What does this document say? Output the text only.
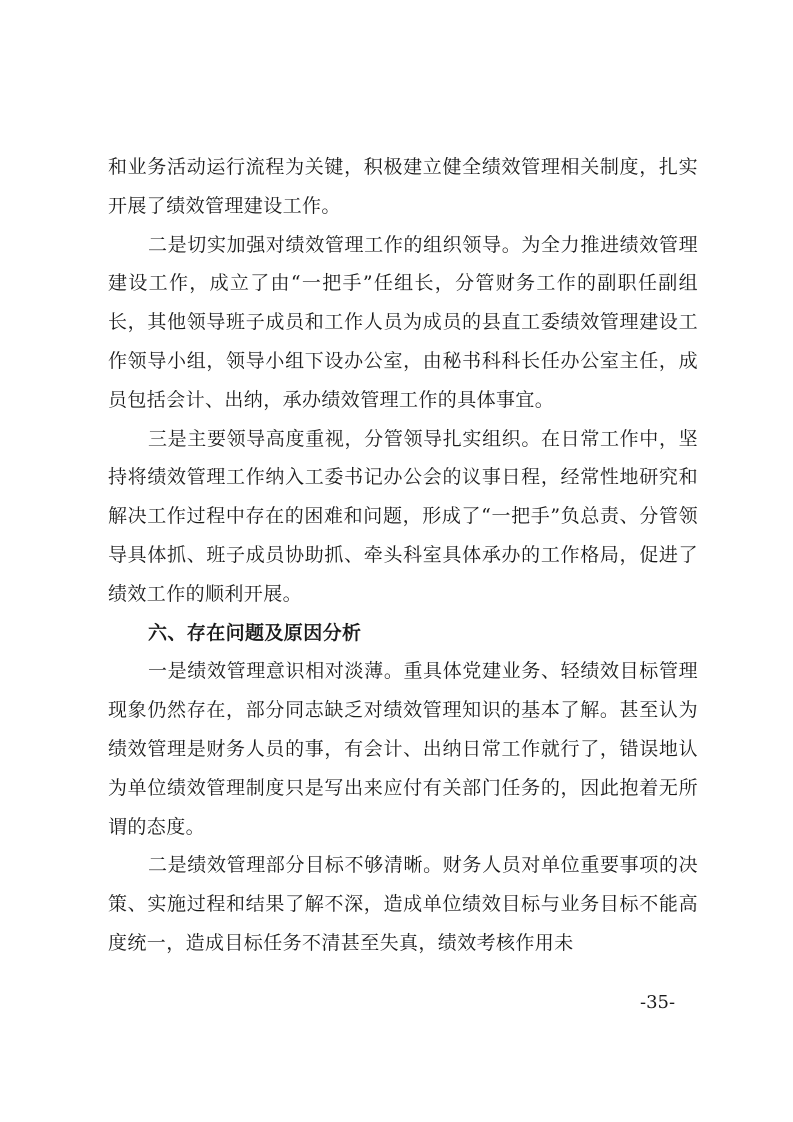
和业务活动运行流程为关键，积极建立健全绩效管理相关制度，扎实开展了绩效管理建设工作。

二是切实加强对绩效管理工作的组织领导。为全力推进绩效管理建设工作，成立了由“一把手”任组长，分管财务工作的副职任副组长，其他领导班子成员和工作人员为成员的县直工委绩效管理建设工作领导小组，领导小组下设办公室，由秘书科科长任办公室主任，成员包括会计、出纳，承办绩效管理工作的具体事宜。

三是主要领导高度重视，分管领导扎实组织。在日常工作中，坚持将绩效管理工作纳入工委书记办公会的议事日程，经常性地研究和解决工作过程中存在的困难和问题，形成了“一把手”负总责、分管领导具体抓、班子成员协助抓、牵头科室具体承办的工作格局，促进了绩效工作的顺利开展。

六、存在问题及原因分析

一是绩效管理意识相对淡薄。重具体党建业务、轻绩效目标管理现象仍然存在，部分同志缺乏对绩效管理知识的基本了解。甚至认为绩效管理是财务人员的事，有会计、出纳日常工作就行了，错误地认为单位绩效管理制度只是写出来应付有关部门任务的，因此抱着无所谓的态度。

二是绩效管理部分目标不够清晰。财务人员对单位重要事项的决策、实施过程和结果了解不深，造成单位绩效目标与业务目标不能高度统一，造成目标任务不清甚至失真，绩效考核作用未

-35-
